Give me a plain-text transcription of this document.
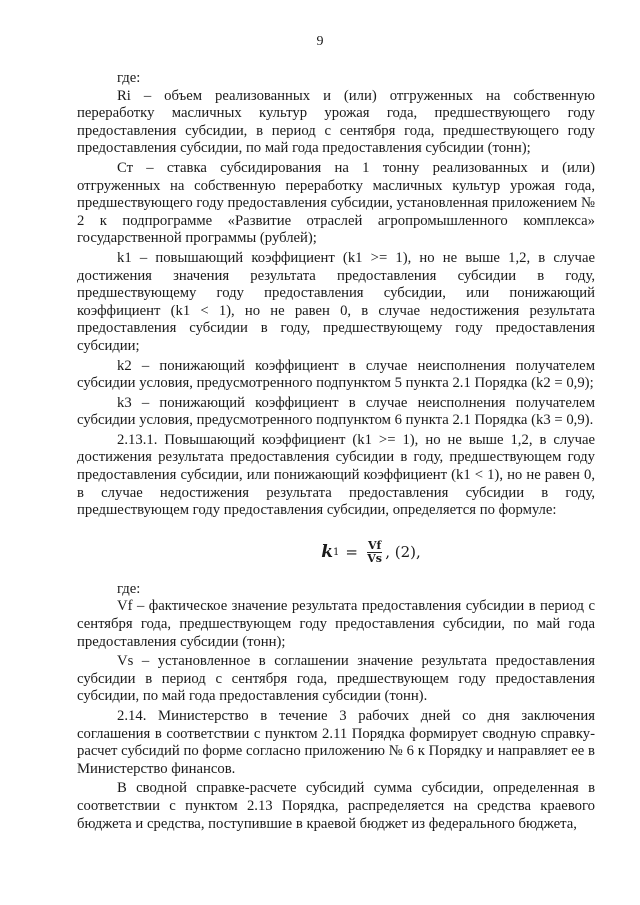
9

где:

Ri – объем реализованных и (или) отгруженных на собственную переработку масличных культур урожая года, предшествующего году предоставления субсидии, в период с сентября года, предшествующего году предоставления субсидии, по май года предоставления субсидии (тонн);

Ст – ставка субсидирования на 1 тонну реализованных и (или) отгруженных на собственную переработку масличных культур урожая года, предшествующего году предоставления субсидии, установленная приложением № 2 к подпрограмме «Развитие отраслей агропромышленного комплекса» государственной программы (рублей);

k1 – повышающий коэффициент (k1 >= 1), но не выше 1,2, в случае достижения значения результата предоставления субсидии в году, предшествующему году предоставления субсидии, или понижающий коэффициент (k1 < 1), но не равен 0, в случае недостижения результата предоставления субсидии в году, предшествующему году предоставления субсидии;

k2 – понижающий коэффициент в случае неисполнения получателем субсидии условия, предусмотренного подпунктом 5 пункта 2.1 Порядка (k2 = 0,9);

k3 – понижающий коэффициент в случае неисполнения получателем субсидии условия, предусмотренного подпунктом 6 пункта 2.1 Порядка (k3 = 0,9).

2.13.1. Повышающий коэффициент (k1 >= 1), но не выше 1,2, в случае достижения результата предоставления субсидии в году, предшествующем году предоставления субсидии, или понижающий коэффициент (k1 < 1), но не равен 0, в случае недостижения результата предоставления субсидии в году, предшествующем году предоставления субсидии, определяется по формуле:

k $1 = \frac{Vf}{Vs}$ , (2),

где:

Vf – фактическое значение результата предоставления субсидии в период с сентября года, предшествующем году предоставления субсидии, по май года предоставления субсидии (тонн);

Vs – установленное в соглашении значение результата предоставления субсидии в период с сентября года, предшествующем году предоставления субсидии, по май года предоставления субсидии (тонн).

2.14. Министерство в течение 3 рабочих дней со дня заключения соглашения в соответствии с пунктом 2.11 Порядка формирует сводную справку-расчет субсидий по форме согласно приложению № 6 к Порядку и направляет ее в Министерство финансов.

В сводной справке-расчете субсидий сумма субсидии, определенная в соответствии с пунктом 2.13 Порядка, распределяется на средства краевого бюджета и средства, поступившие в краевой бюджет из федерального бюджета,
